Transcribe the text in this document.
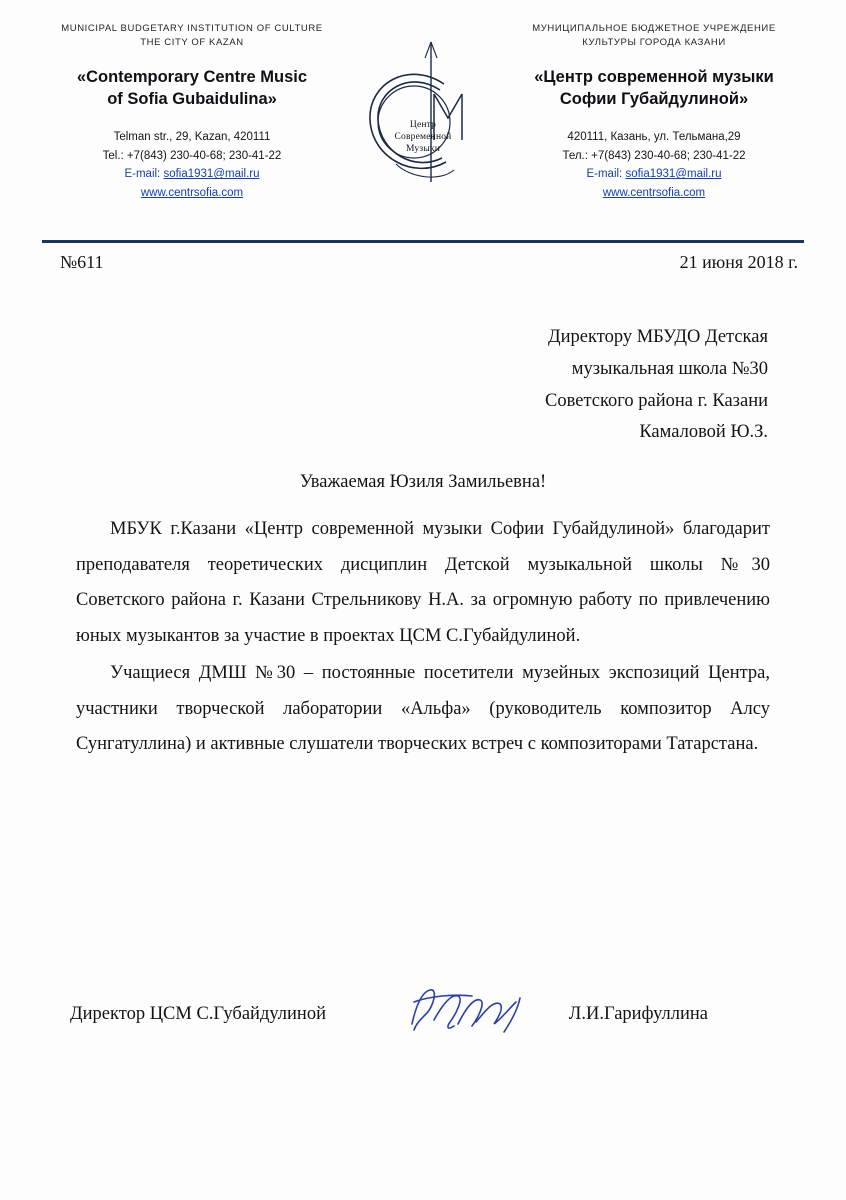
MUNICIPAL BUDGETARY INSTITUTION OF CULTURE
THE CITY OF KAZAN
«Contemporary Centre Music
of Sofia Gubaidulina»
Telman str., 29, Kazan, 420111
Tel.: +7(843) 230-40-68; 230-41-22
E-mail: sofia1931@mail.ru
www.centrsofia.com
Центр
Современной
Музыки
МУНИЦИПАЛЬНОЕ БЮДЖЕТНОЕ УЧРЕЖДЕНИЕ
КУЛЬТУРЫ ГОРОДА КАЗАНИ
«Центр современной музыки
Софии Губайдулиной»
420111, Казань, ул. Тельмана,29
Тел.: +7(843) 230-40-68; 230-41-22
E-mail: sofia1931@mail.ru
www.centrsofia.com
№611	21 июня 2018 г.
Директору МБУДО Детская
музыкальная школа №30
Советского района г. Казани
Камаловой Ю.З.
Уважаемая Юзиля Замильевна!

МБУК г.Казани «Центр современной музыки Софии Губайдулиной» благодарит преподавателя теоретических дисциплин Детской музыкальной школы №30 Советского района г. Казани Стрельникову Н.А. за огромную работу по привлечению юных музыкантов за участие в проектах ЦСМ С.Губайдулиной.

Учащиеся ДМШ №30 – постоянные посетители музейных экспозиций Центра, участники творческой лаборатории «Альфа» (руководитель композитор Алсу Сунгатуллина) и активные слушатели творческих встреч с композиторами Татарстана.

Директор ЦСМ С.Губайдулиной	Л.И.Гарифуллина
